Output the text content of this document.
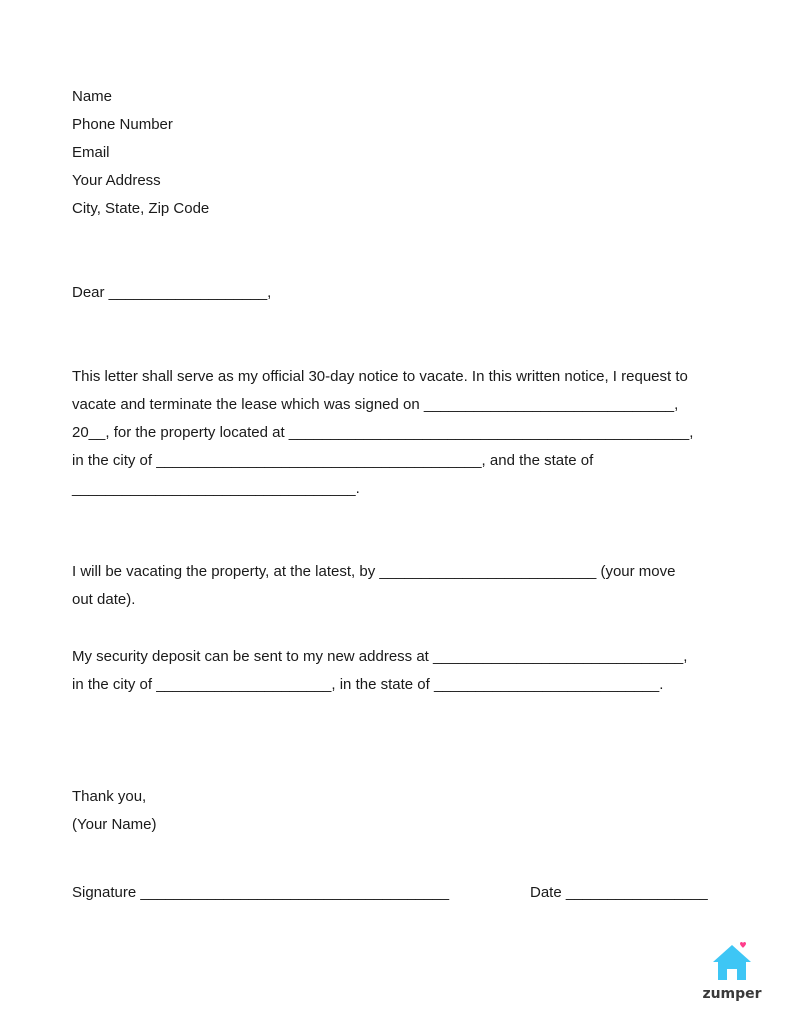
Name

Phone Number

Email

Your Address

City, State, Zip Code

Dear ___________________,

This letter shall serve as my official 30-day notice to vacate. In this written notice, I request to

vacate and terminate the lease which was signed on ______________________________,

20__, for the property located at ________________________________________________,

in the city of _______________________________________, and the state of

__________________________________.

I will be vacating the property, at the latest, by __________________________ (your move

out date).

My security deposit can be sent to my new address at ______________________________,

in the city of _____________________, in the state of ___________________________.

Thank you,

(Your Name)

Signature _____________________________________	Date _________________
zumper
